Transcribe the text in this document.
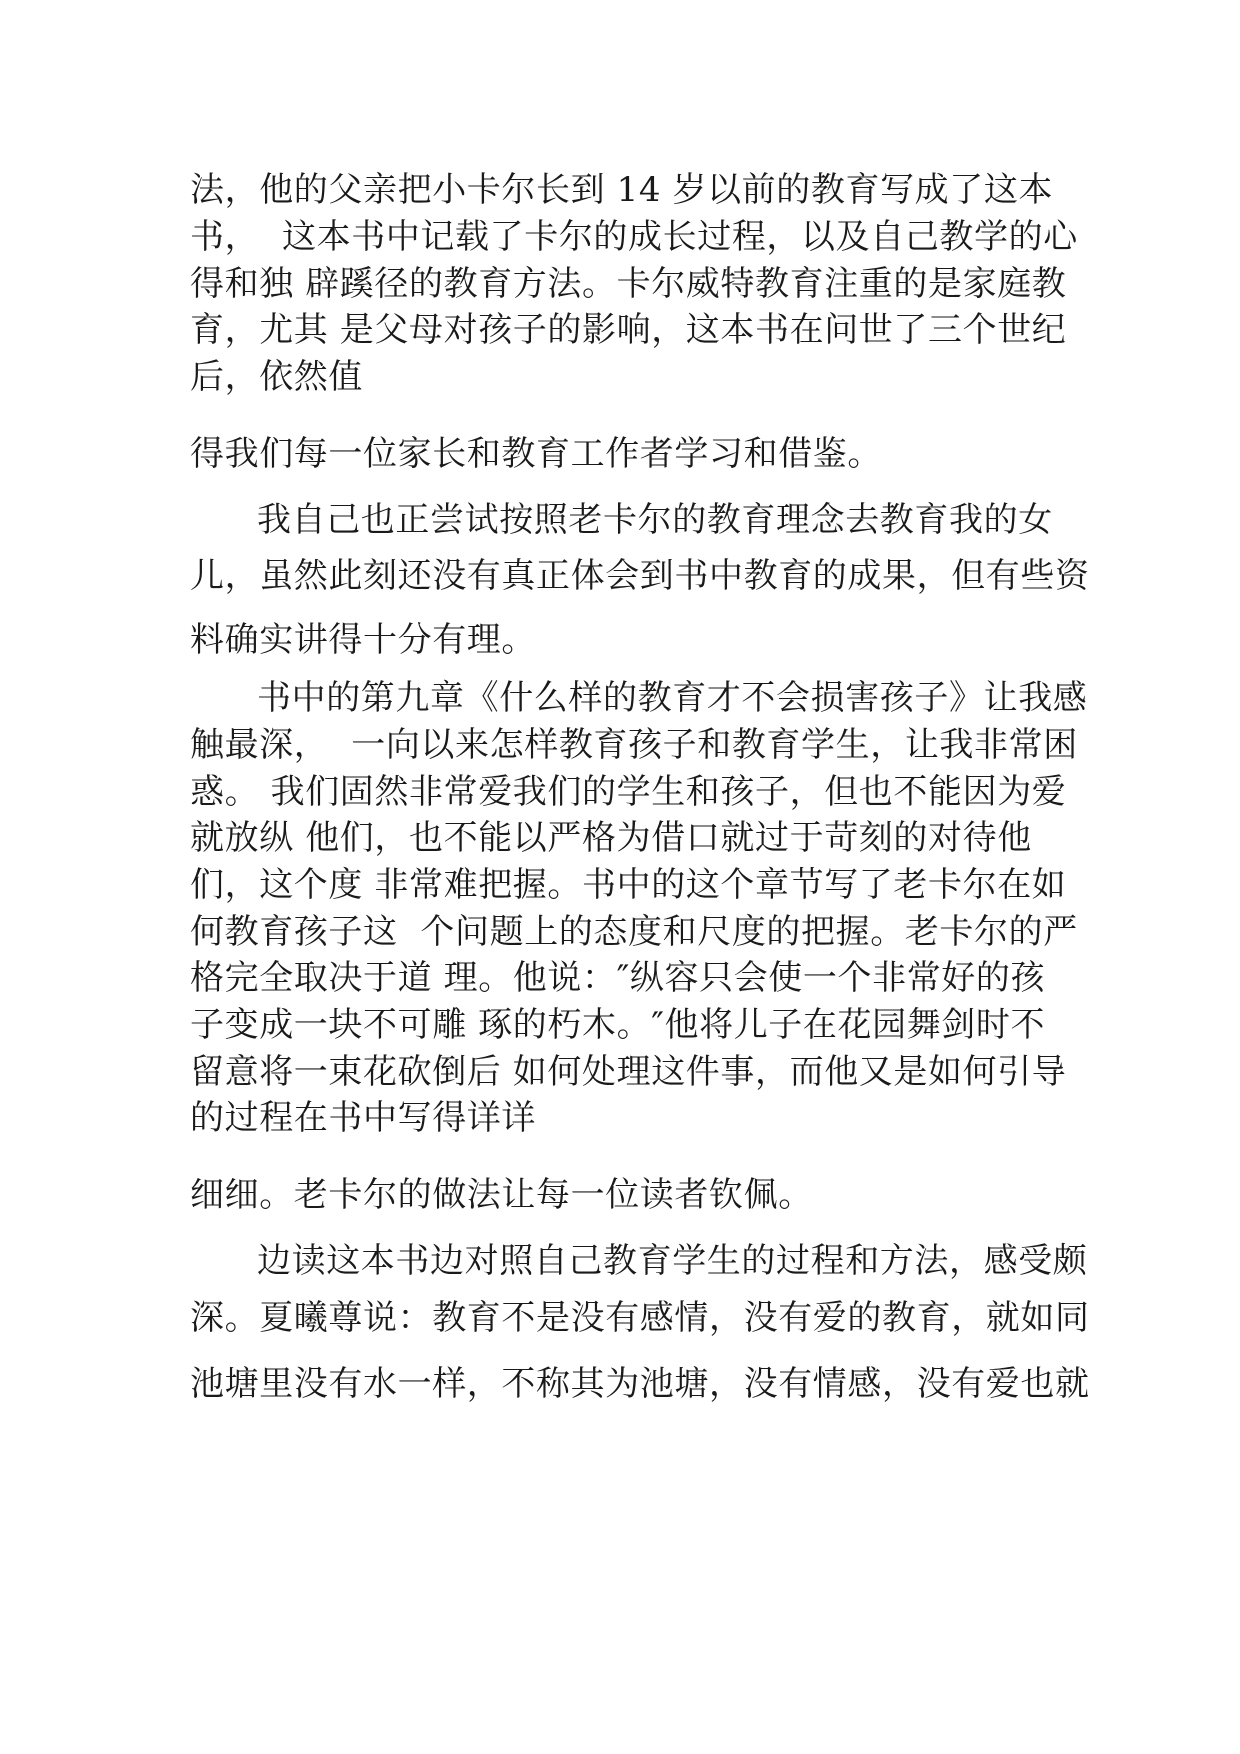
法，他的父亲把小卡尔长到 14 岁以前的教育写成了这本
书，  这本书中记载了卡尔的成长过程，以及自己教学的心
得和独 辟蹊径的教育方法。卡尔威特教育注重的是家庭教
育，尤其 是父母对孩子的影响，这本书在问世了三个世纪
后，依然值
得我们每一位家长和教育工作者学习和借鉴。
我自己也正尝试按照老卡尔的教育理念去教育我的女
儿，虽然此刻还没有真正体会到书中教育的成果，但有些资
料确实讲得十分有理。
书中的第九章《什么样的教育才不会损害孩子》让我感
触最深，  一向以来怎样教育孩子和教育学生，让我非常困
惑。 我们固然非常爱我们的学生和孩子，但也不能因为爱
就放纵 他们，也不能以严格为借口就过于苛刻的对待他
们，这个度 非常难把握。书中的这个章节写了老卡尔在如
何教育孩子这  个问题上的态度和尺度的把握。老卡尔的严
格完全取决于道 理。他说：″纵容只会使一个非常好的孩
子变成一块不可雕 琢的朽木。″他将儿子在花园舞剑时不
留意将一束花砍倒后 如何处理这件事，而他又是如何引导
的过程在书中写得详详
细细。老卡尔的做法让每一位读者钦佩。
边读这本书边对照自己教育学生的过程和方法，感受颇
深。夏曦尊说：教育不是没有感情，没有爱的教育，就如同
池塘里没有水一样，不称其为池塘，没有情感，没有爱也就
